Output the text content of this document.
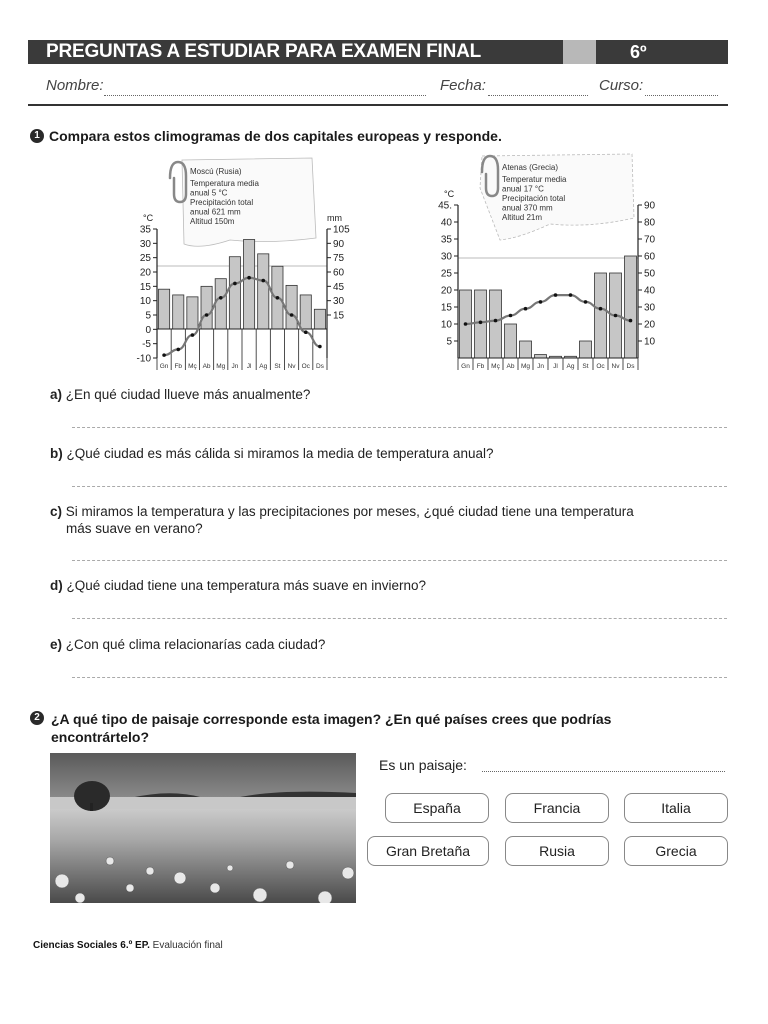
PREGUNTAS A ESTUDIAR PARA EXAMEN FINAL	6º
Nombre:	Fecha:	Curso:
1 Compara estos climogramas de dos capitales europeas y responde.
Moscú (Rusia)
Temperatura media
anual 5 °C
Precipitación total
anual 621 mm
Altitud 150m
Gn Fb Mç Ab Mg Jn Jl Ag St Nv Oc Ds
°C	mm
35
30
25
20
15
10
5
0
-5
-10
105
90
75
60
45
30
15
Atenas (Grecia)
Temperatur media
anual 17 °C
Precipitación total
anual 370 mm
Altitud 21m
Gn Fb Mç Ab Mg Jn Jl Ag St Oc Nv Ds
°C
45.
40
35
30
25
20
15
10
5
90
80
70
60
50
40
30
20
10
a) ¿En qué ciudad llueve más anualmente?
b) ¿Qué ciudad es más cálida si miramos la media de temperatura anual?
c) Si miramos la temperatura y las precipitaciones por meses, ¿qué ciudad tiene una temperatura
más suave en verano?
d) ¿Qué ciudad tiene una temperatura más suave en invierno?
e) ¿Con qué clima relacionarías cada ciudad?
2 ¿A qué tipo de paisaje corresponde esta imagen? ¿En qué países crees que podrías
encontrártelo?
Es un paisaje:
España	Francia	Italia
Gran Bretaña	Rusia	Grecia
Ciencias Sociales 6.º EP. Evaluación final
